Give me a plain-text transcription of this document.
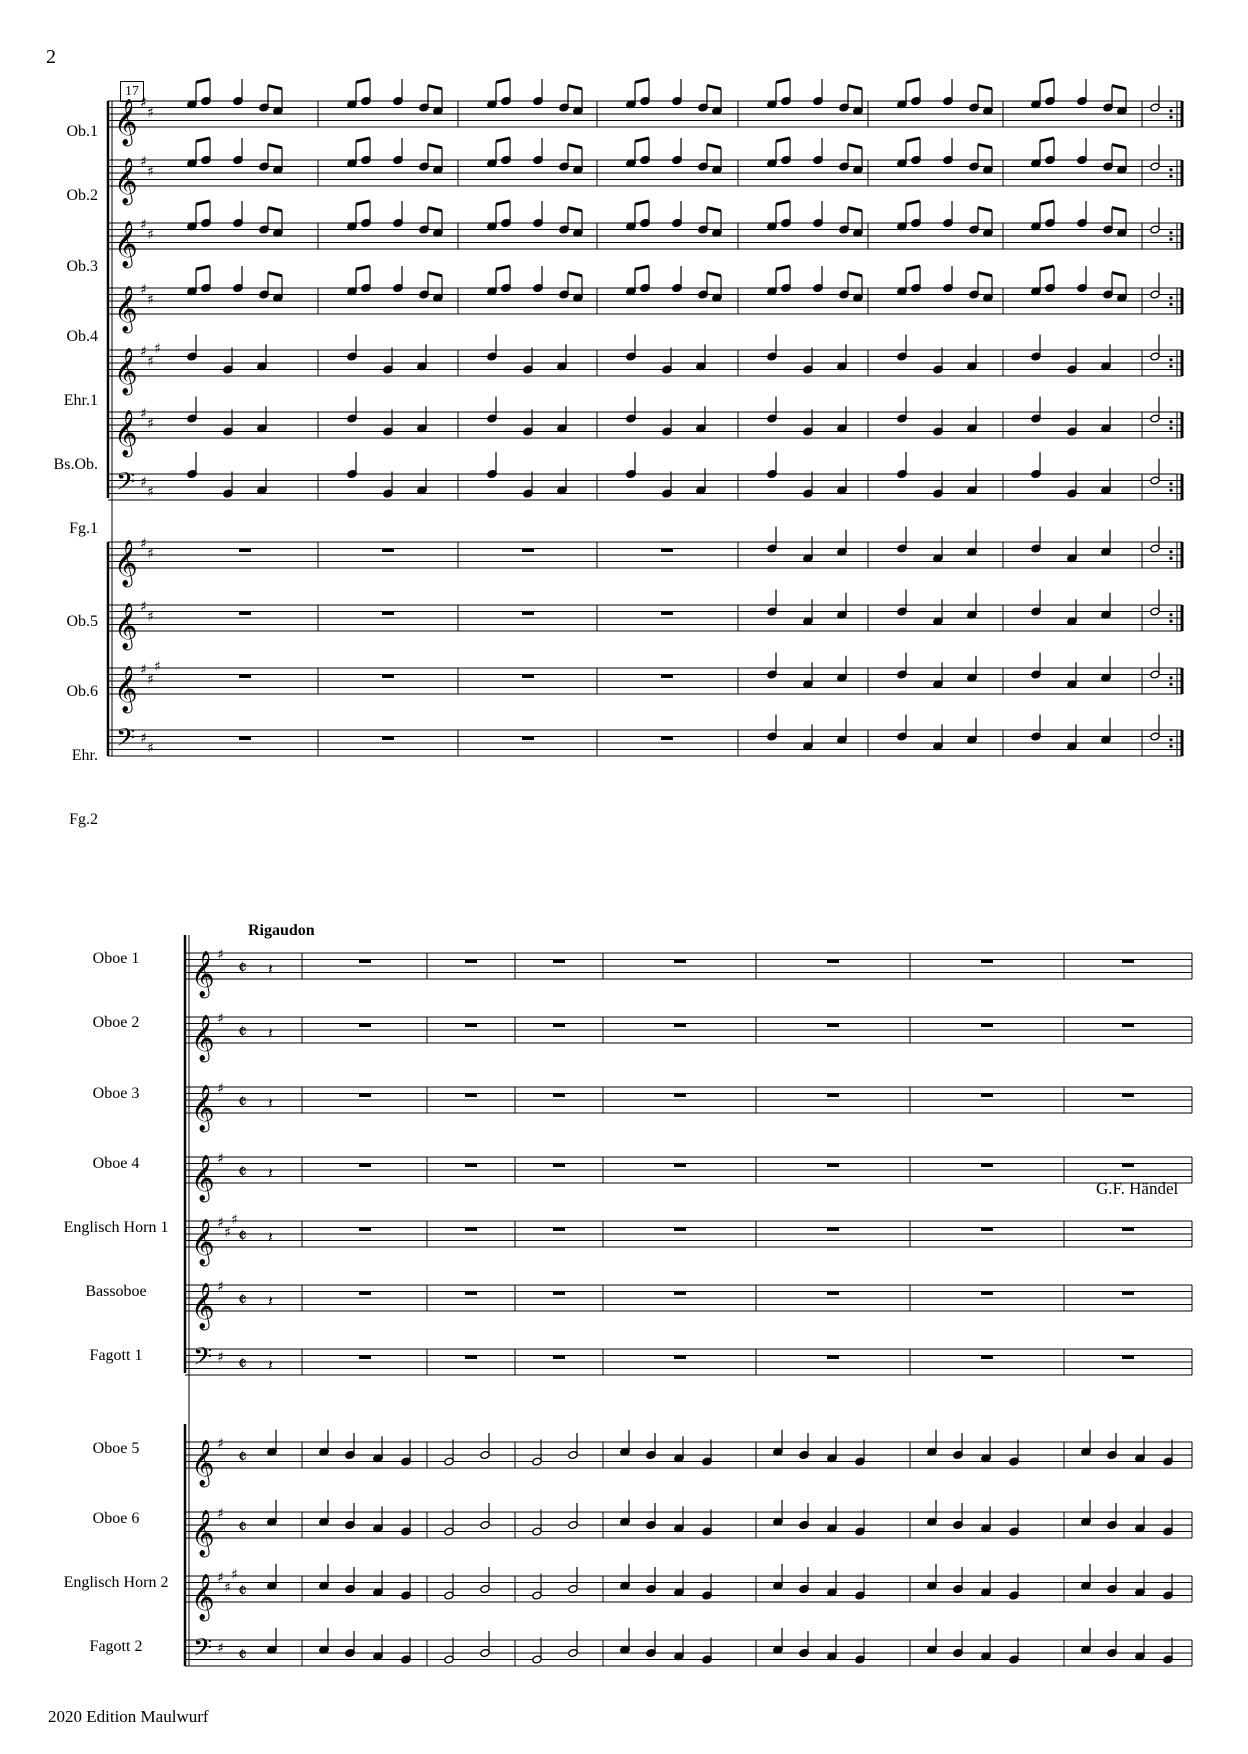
2
17
Rigaudon
G.F. Händel
2020 Edition Maulwurf
Ob.1
Ob.2
Ob.3
Ob.4
Ehr.1
Bs.Ob.
Fg.1
Ob.5
Ob.6
Ehr.
Fg.2
Oboe 1
Oboe 2
Oboe 3
Oboe 4
Englisch Horn 1
Bassoboe
Fagott 1
Oboe 5
Oboe 6
Englisch Horn 2
Fagott 2
𝄞 ♯
♯
𝄞 ♯
♯
𝄞 ♯
♯
𝄞 ♯
♯
𝄞 ♯
♯
♯
𝄞 ♯
♯
𝄢 ♯
♯
𝄞 ♯
♯
𝄞 ♯
♯
𝄞 ♯
♯
♯
𝄢 ♯
♯
𝄞 ♯
𝄵
𝄞 ♯
𝄵
𝄞 ♯
𝄵
𝄞 ♯
𝄵
𝄞 ♯
♯
♯
𝄵
𝄞 ♯
𝄵
𝄢 ♯ 𝄵
𝄞 ♯
𝄵
𝄞 ♯
𝄵
𝄞 ♯
♯
♯
𝄵
𝄢 ♯ 𝄵
𝄽
𝄽
𝄽
𝄽
𝄽
𝄽
𝄽
